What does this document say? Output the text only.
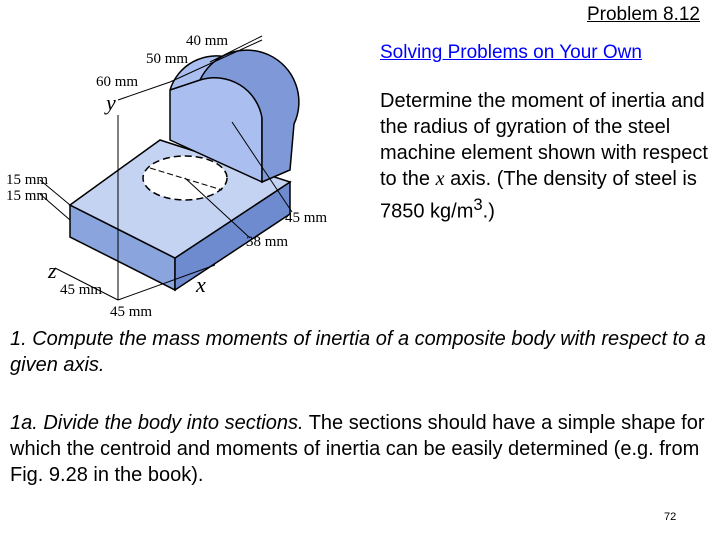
40 mm
50 mm
60 mm
15 mm
15 mm
45 mm
38 mm
45 mm
45 mm
y
x
z
Problem 8.12
Solving Problems on Your Own
Determine the moment of inertia and the radius of gyration of the steel machine element shown with respect to the x axis. (The density of steel is 7850 $kg/m^3$.)
1. Compute the mass moments of inertia of a composite body with respect to a given axis.
1a. Divide the body into sections. The sections should have a simple shape for which the centroid and moments of inertia can be easily determined (e.g. from Fig. 9.28 in the book).
72
